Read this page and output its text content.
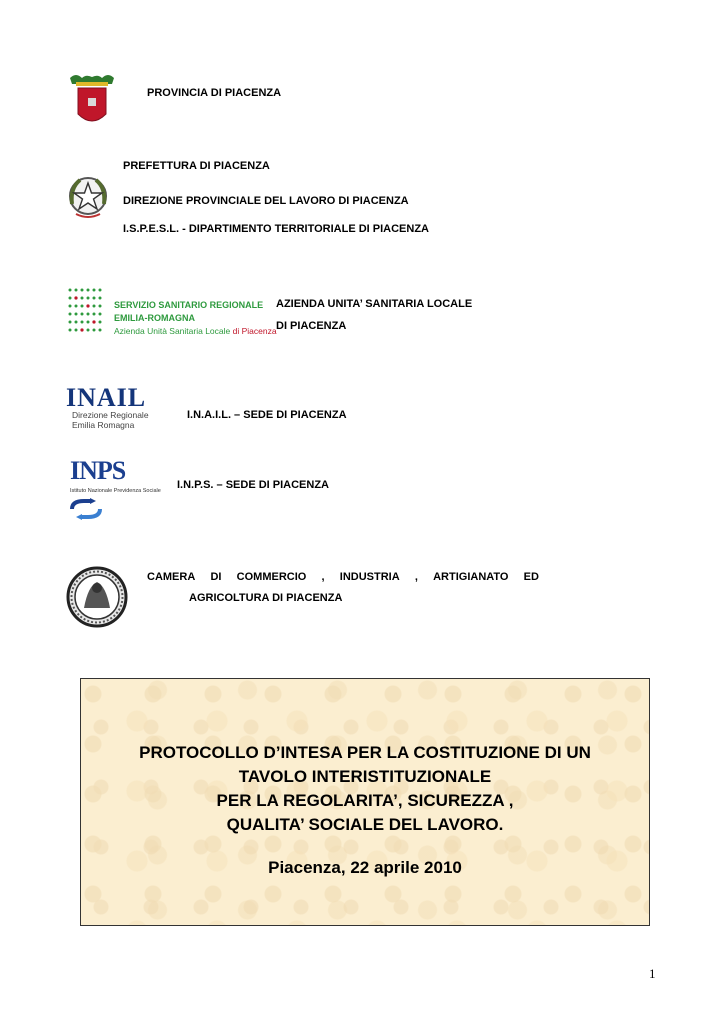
PROVINCIA DI PIACENZA
PREFETTURA DI PIACENZA
DIREZIONE PROVINCIALE DEL LAVORO DI PIACENZA
I.S.P.E.S.L. - DIPARTIMENTO TERRITORIALE DI PIACENZA
SERVIZIO SANITARIO REGIONALE
EMILIA-ROMAGNA
Azienda Unità Sanitaria Locale di Piacenza
AZIENDA UNITA’ SANITARIA LOCALE
DI PIACENZA
INAIL
Direzione Regionale
Emilia Romagna
I.N.A.I.L. – SEDE DI PIACENZA
INPS
Istituto Nazionale Previdenza Sociale I.N.P.S. – SEDE DI PIACENZA
CAMERA DI COMMERCIO , INDUSTRIA , ARTIGIANATO ED
AGRICOLTURA DI PIACENZA
PROTOCOLLO D’INTESA PER LA COSTITUZIONE DI UN
TAVOLO INTERISTITUZIONALE
PER LA REGOLARITA’, SICUREZZA ,
QUALITA’ SOCIALE DEL LAVORO.
Piacenza, 22 aprile 2010
1
